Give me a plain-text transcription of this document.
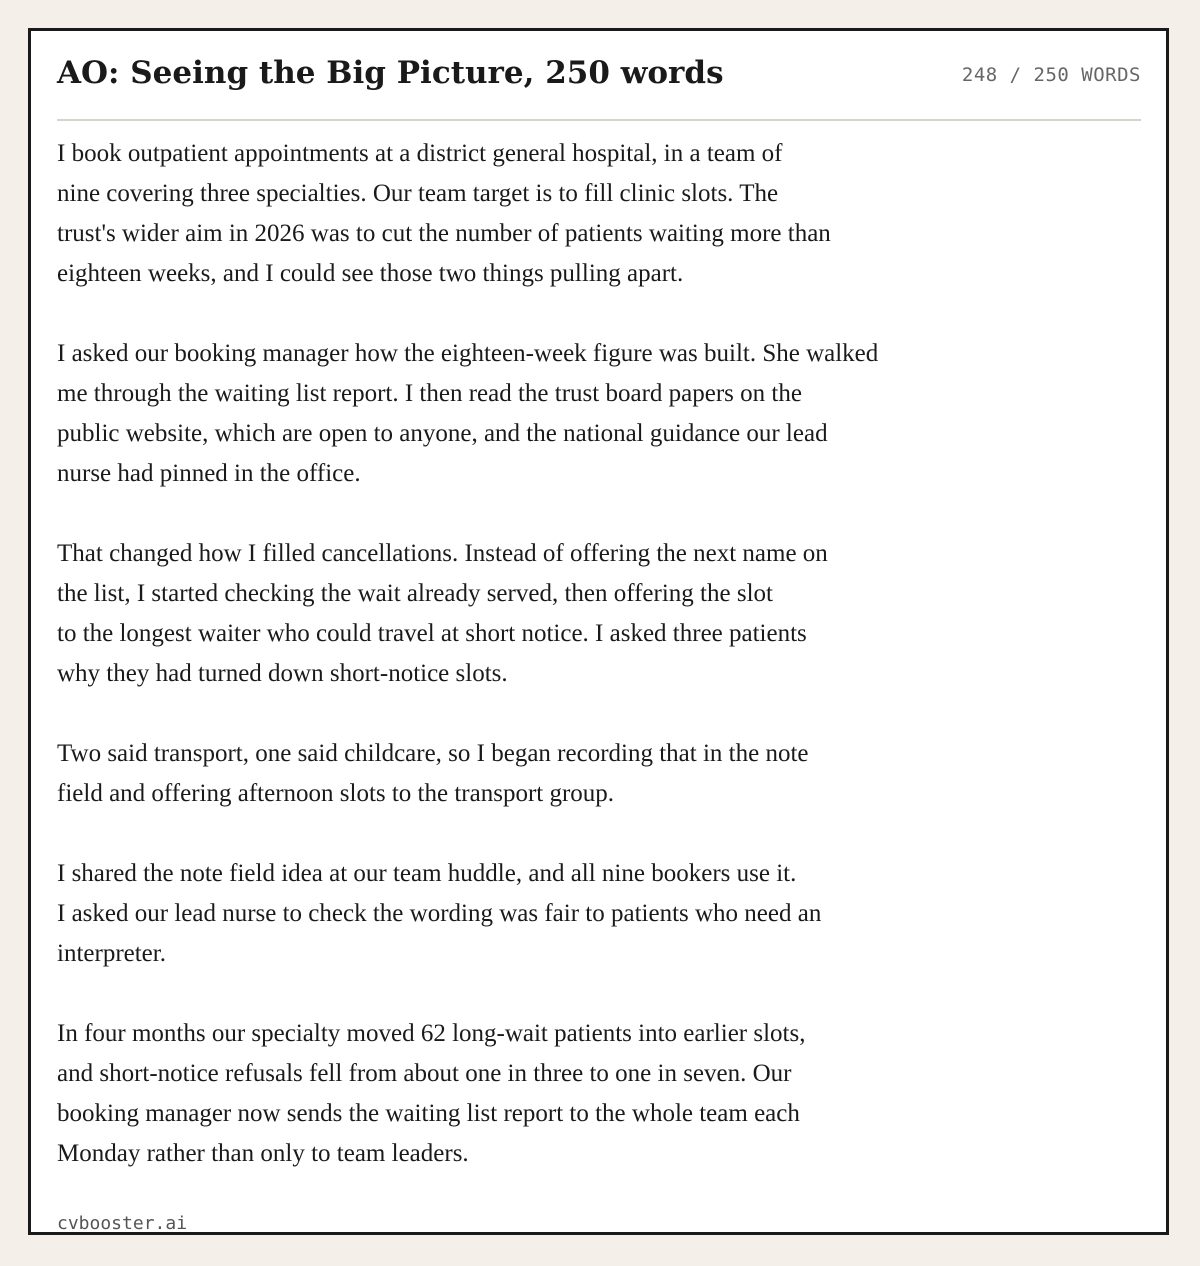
AO: Seeing the Big Picture, 250 words	248 / 250 WORDS

I book outpatient appointments at a district general hospital, in a team of
nine covering three specialties. Our team target is to fill clinic slots. The
trust's wider aim in 2026 was to cut the number of patients waiting more than
eighteen weeks, and I could see those two things pulling apart.

I asked our booking manager how the eighteen-week figure was built. She walked
me through the waiting list report. I then read the trust board papers on the
public website, which are open to anyone, and the national guidance our lead
nurse had pinned in the office.

That changed how I filled cancellations. Instead of offering the next name on
the list, I started checking the wait already served, then offering the slot
to the longest waiter who could travel at short notice. I asked three patients
why they had turned down short-notice slots.

Two said transport, one said childcare, so I began recording that in the note
field and offering afternoon slots to the transport group.

I shared the note field idea at our team huddle, and all nine bookers use it.
I asked our lead nurse to check the wording was fair to patients who need an
interpreter.

In four months our specialty moved 62 long-wait patients into earlier slots,
and short-notice refusals fell from about one in three to one in seven. Our
booking manager now sends the waiting list report to the whole team each
Monday rather than only to team leaders.

cvbooster.ai
